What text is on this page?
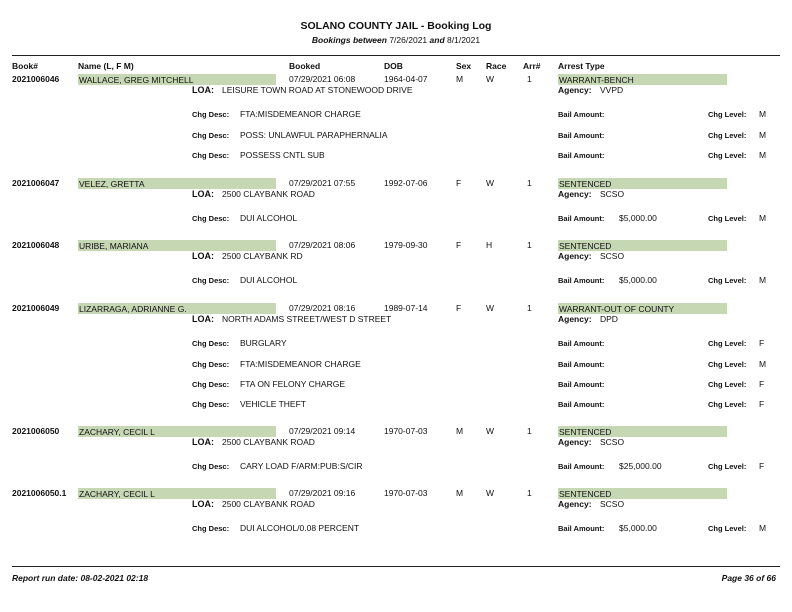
SOLANO COUNTY JAIL - Booking Log
Bookings between 7/26/2021 and 8/1/2021
Book#	Name (L, F M)	Booked	DOB	Sex Race Arr# Arrest Type
2021006046 WALLACE, GREG MITCHELL	07/29/2021 06:08	1964-04-07	M	W	1	WARRANT-BENCH
LOA: LEISURE TOWN ROAD AT STONEWOOD DRIVE	Agency: VVPD
Chg Desc: FTA:MISDEMEANOR CHARGE	Bail Amount:	Chg Level: M
Chg Desc: POSS: UNLAWFUL PARAPHERNALIA	Bail Amount:	Chg Level: M
Chg Desc: POSSESS CNTL SUB	Bail Amount:	Chg Level: M
2021006047 VELEZ, GRETTA	07/29/2021 07:55	1992-07-06	F	W	1	SENTENCED
LOA: 2500 CLAYBANK ROAD	Agency: SCSO
Chg Desc: DUI ALCOHOL	Bail Amount: $5,000.00	Chg Level: M
2021006048 URIBE, MARIANA	07/29/2021 08:06	1979-09-30	F	H	1	SENTENCED
LOA: 2500 CLAYBANK RD	Agency: SCSO
Chg Desc: DUI ALCOHOL	Bail Amount: $5,000.00	Chg Level: M
2021006049 LIZARRAGA, ADRIANNE G.	07/29/2021 08:16	1989-07-14	F	W	1	WARRANT-OUT OF COUNTY
LOA: NORTH ADAMS STREET/WEST D STREET	Agency: DPD
Chg Desc: BURGLARY	Bail Amount:	Chg Level: F
Chg Desc: FTA:MISDEMEANOR CHARGE	Bail Amount:	Chg Level: M
Chg Desc: FTA ON FELONY CHARGE	Bail Amount:	Chg Level: F
Chg Desc: VEHICLE THEFT	Bail Amount:	Chg Level: F
2021006050 ZACHARY, CECIL L	07/29/2021 09:14	1970-07-03	M	W	1	SENTENCED
LOA: 2500 CLAYBANK ROAD	Agency: SCSO
Chg Desc: CARY LOAD F/ARM:PUB:S/CIR	Bail Amount: $25,000.00	Chg Level: F
2021006050.1 ZACHARY, CECIL L	07/29/2021 09:16	1970-07-03	M	W	1	SENTENCED
LOA: 2500 CLAYBANK ROAD	Agency: SCSO
Chg Desc: DUI ALCOHOL/0.08 PERCENT	Bail Amount: $5,000.00	Chg Level: M
Report run date: 08-02-2021 02:18	Page 36 of 66
